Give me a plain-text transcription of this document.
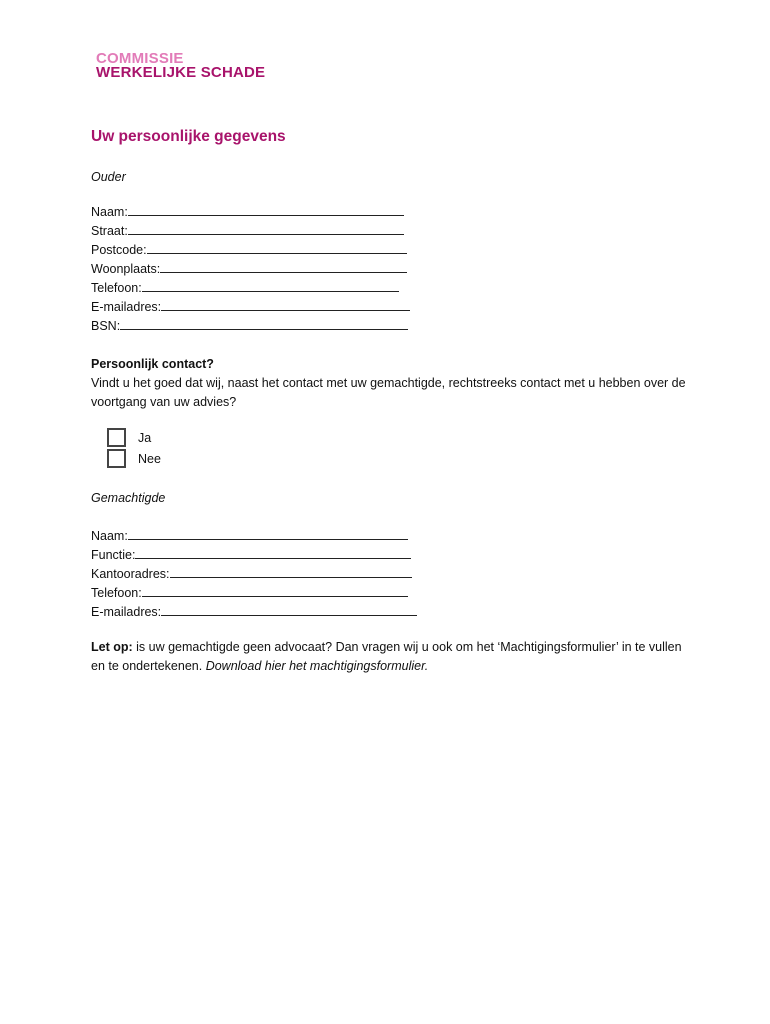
COMMISSIE
WERKELIJKE SCHADE
Uw persoonlijke gegevens
Ouder
Naam:
Straat:
Postcode:
Woonplaats:
Telefoon:
E-mailadres:
BSN:
Persoonlijk contact?
Vindt u het goed dat wij, naast het contact met uw gemachtigde, rechtstreeks contact met u hebben over de voortgang van uw advies?
Ja
Nee
Gemachtigde
Naam:
Functie:
Kantooradres:
Telefoon:
E-mailadres:
Let op: is uw gemachtigde geen advocaat? Dan vragen wij u ook om het ‘Machtigingsformulier’ in te vullen en te ondertekenen. Download hier het machtigingsformulier.
